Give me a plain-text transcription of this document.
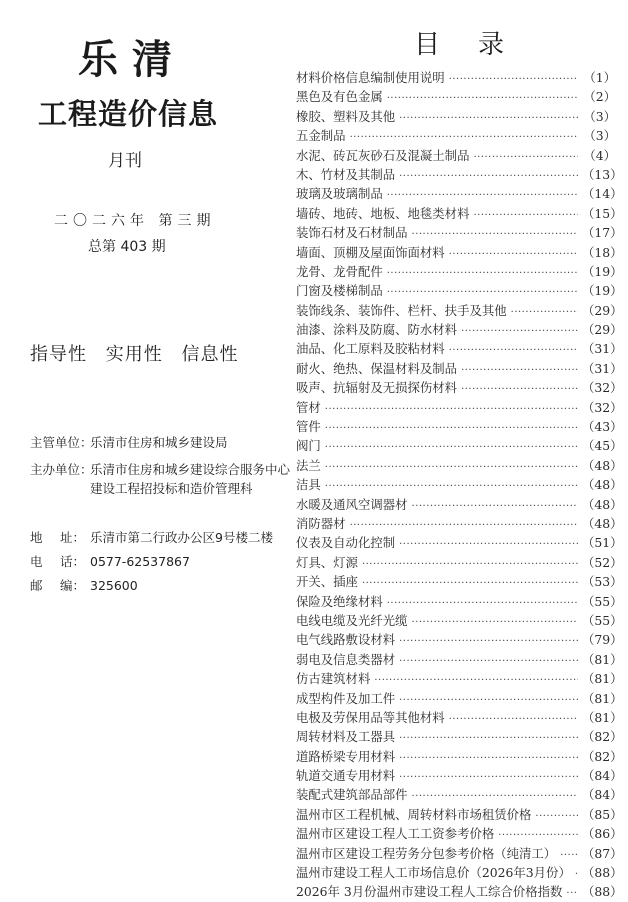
乐清
工程造价信息
月刊
二〇二六年 第三期
总第 403 期
指导性 实用性 信息性
主管单位：乐清市住房和城乡建设局
主办单位：
乐清市住房和城乡建设综合服务中心
建设工程招投标和造价管理科
地 址： 乐清市第二行政办公区9号楼二楼
电 话： 0577-62537867
邮 编： 325600
目录
材料价格信息编制使用说明 ·····	（1）
黑色及有色金属 ·····	（2）
橡胶、塑料及其他 ·····	（3）
五金制品 ·····	（3）
水泥、砖瓦灰砂石及混凝土制品 ·····	（4）
木、竹材及其制品 ·····	（13）
玻璃及玻璃制品 ·····	（14）
墙砖、地砖、地板、地毯类材料 ·····	（15）
装饰石材及石材制品 ·····	（17）
墙面、顶棚及屋面饰面材料 ·····	（18）
龙骨、龙骨配件 ·····	（19）
门窗及楼梯制品 ·····	（19）
装饰线条、装饰件、栏杆、扶手及其他 ·····	（29）
油漆、涂料及防腐、防水材料 ·····	（29）
油品、化工原料及胶粘材料 ·····	（31）
耐火、绝热、保温材料及制品 ·····	（31）
吸声、抗辐射及无损探伤材料 ·····	（32）
管材 ·····	（32）
管件 ·····	（43）
阀门 ·····	（45）
法兰 ·····	（48）
洁具 ·····	（48）
水暖及通风空调器材 ·····	（48）
消防器材 ·····	（48）
仪表及自动化控制 ·····	（51）
灯具、灯源 ·····	（52）
开关、插座 ·····	（53）
保险及绝缘材料 ·····	（55）
电线电缆及光纤光缆 ·····	（55）
电气线路敷设材料 ·····	（79）
弱电及信息类器材 ·····	（81）
仿古建筑材料 ·····	（81）
成型构件及加工件 ·····	（81）
电极及劳保用品等其他材料 ·····	（81）
周转材料及工器具 ·····	（82）
道路桥梁专用材料 ·····	（82）
轨道交通专用材料 ·····	（84）
装配式建筑部品部件 ·····	（84）
温州市区工程机械、周转材料市场租赁价格 ·····	（85）
温州市区建设工程人工工资参考价格 ·····	（86）
温州市区建设工程劳务分包参考价格（纯清工） ····· （87）
温州市建设工程人工市场信息价（2026年3月份） ····· （88）
2026年 3月份温州市建设工程人工综合价格指数 ····· （88）
